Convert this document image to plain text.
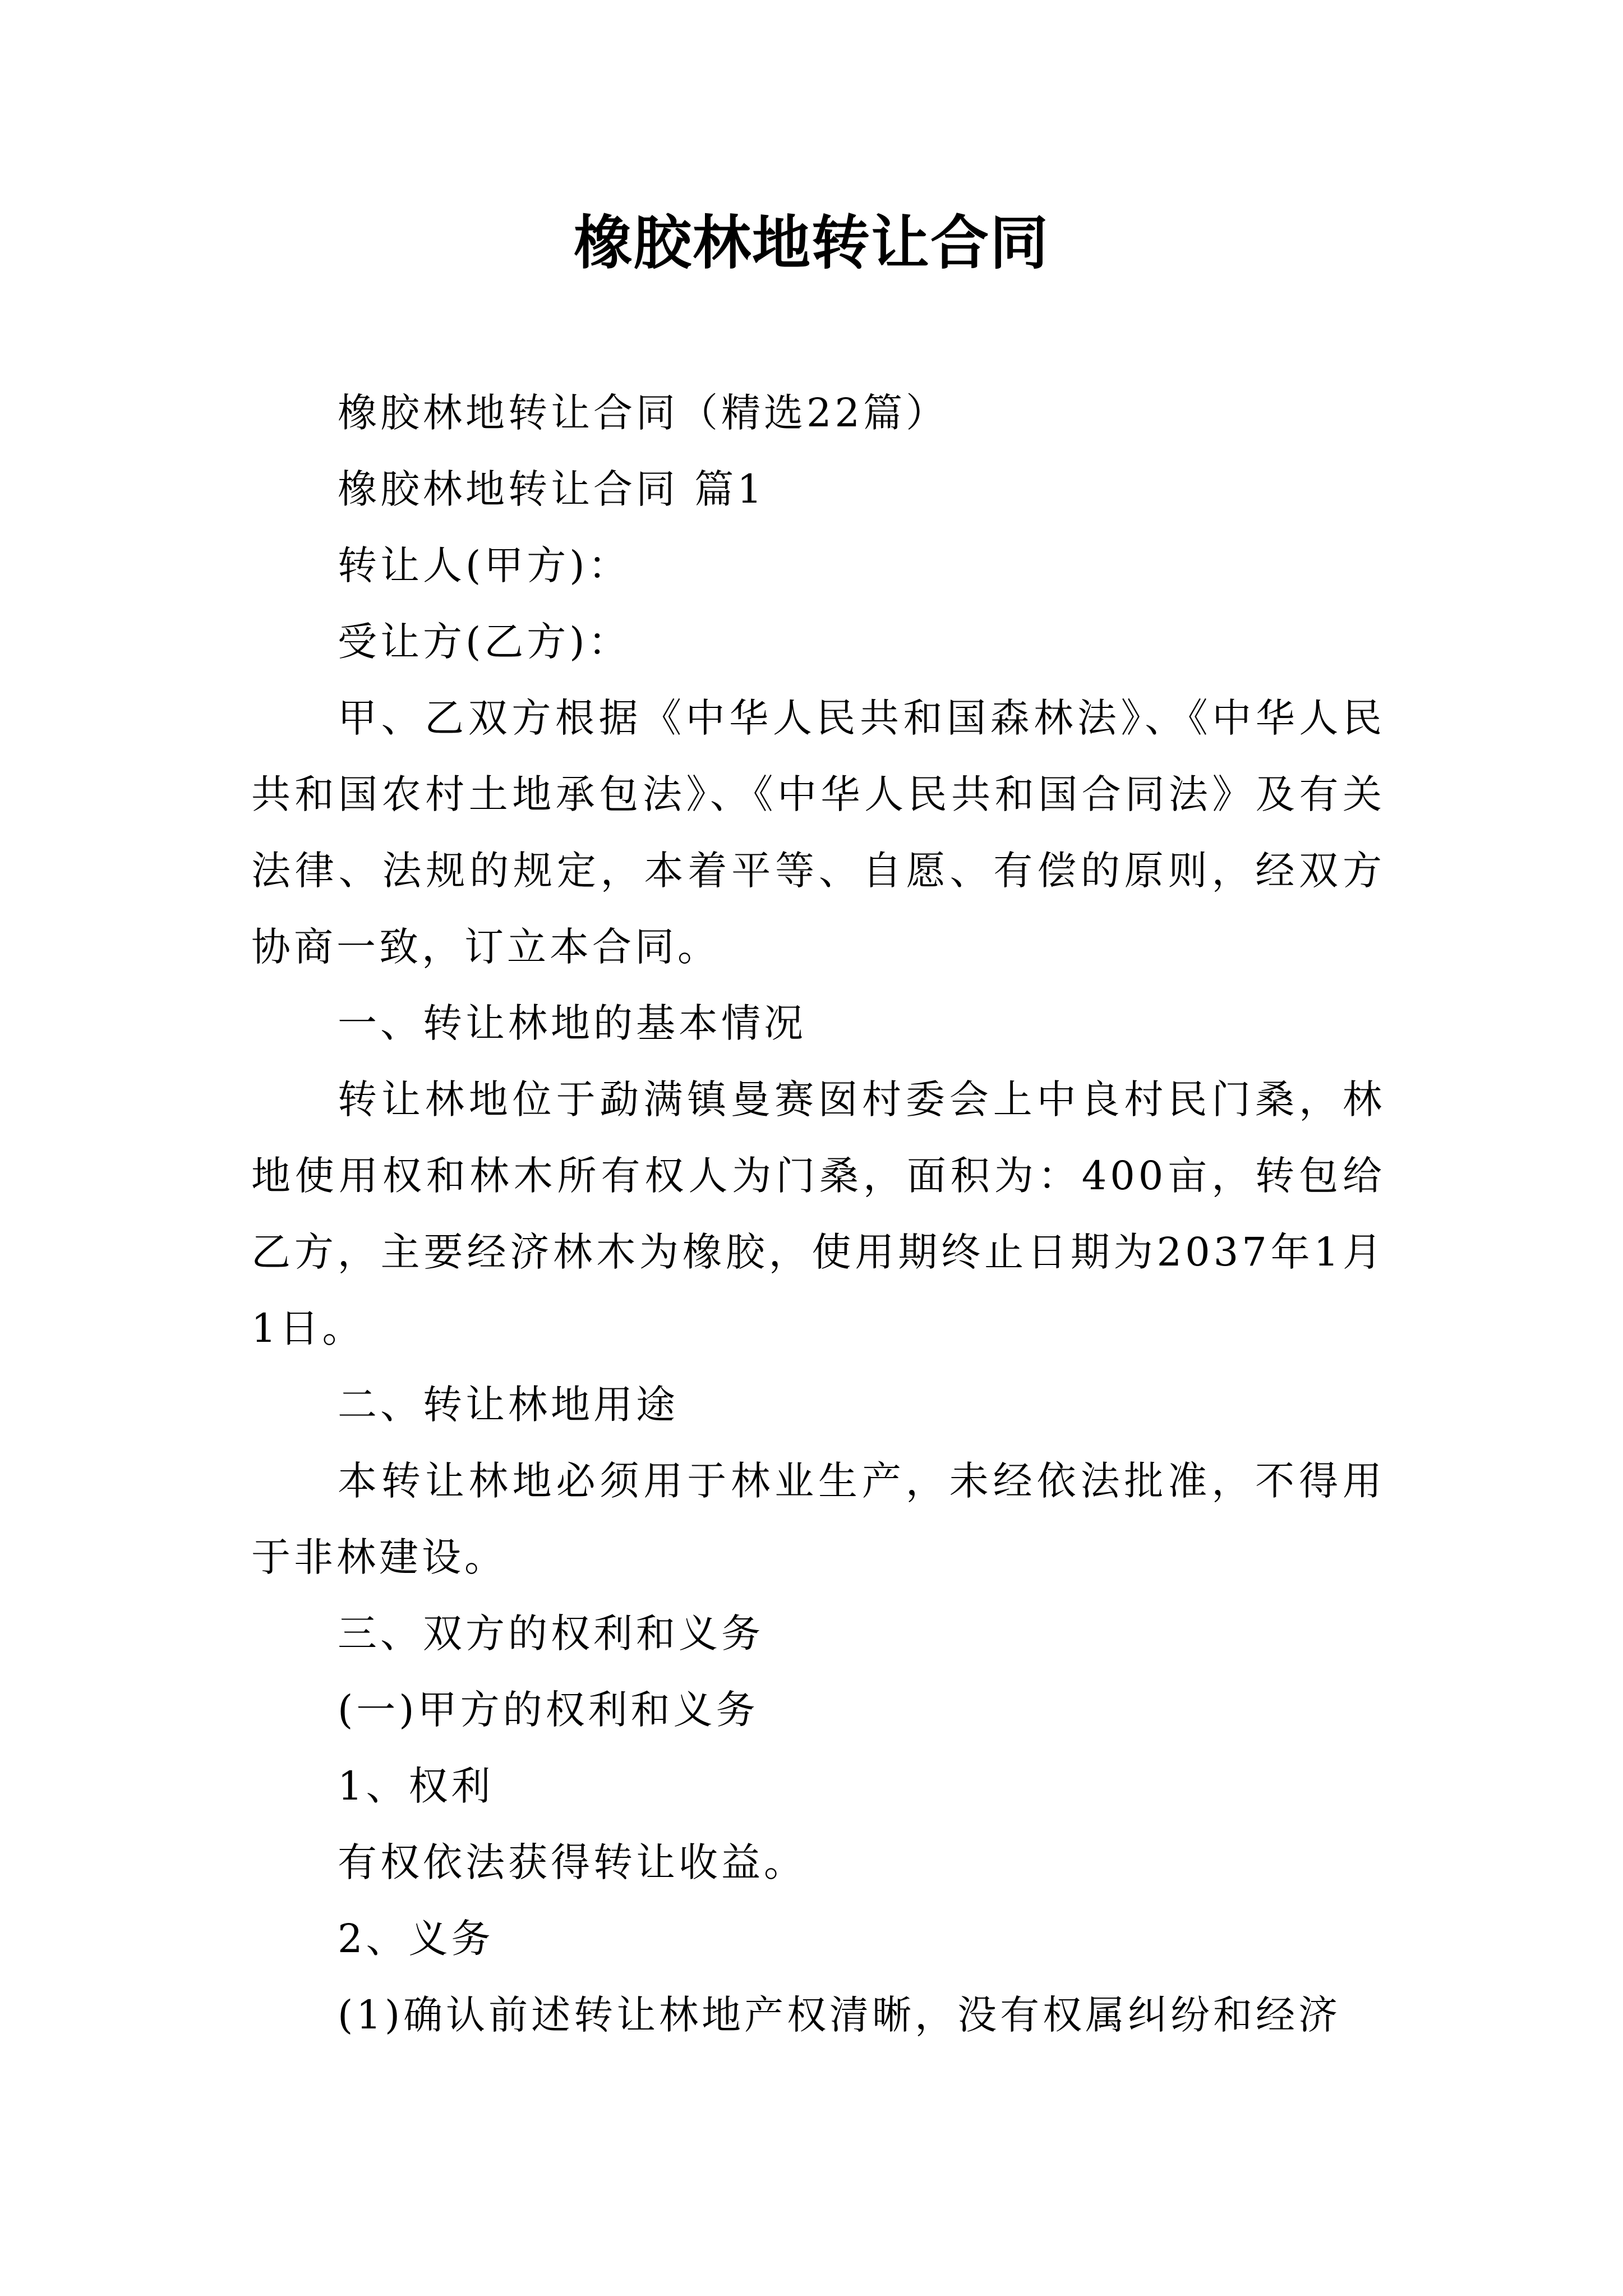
橡胶林地转让合同

橡胶林地转让合同（精选22篇）

橡胶林地转让合同 篇1

转让人(甲方)：

受让方(乙方)：

甲、乙双方根据《中华人民共和国森林法》、《中华人民共和国农村土地承包法》、《中华人民共和国合同法》及有关法律、法规的规定，本着平等、自愿、有偿的原则，经双方协商一致，订立本合同。

一、转让林地的基本情况

转让林地位于勐满镇曼赛囡村委会上中良村民门桑，林地使用权和林木所有权人为门桑，面积为：400亩，转包给乙方，主要经济林木为橡胶，使用期终止日期为2037年1月1日。

二、转让林地用途

本转让林地必须用于林业生产，未经依法批准，不得用于非林建设。

三、双方的权利和义务

(一)甲方的权利和义务

1、权利

有权依法获得转让收益。

2、义务

(1)确认前述转让林地产权清晰，没有权属纠纷和经济
